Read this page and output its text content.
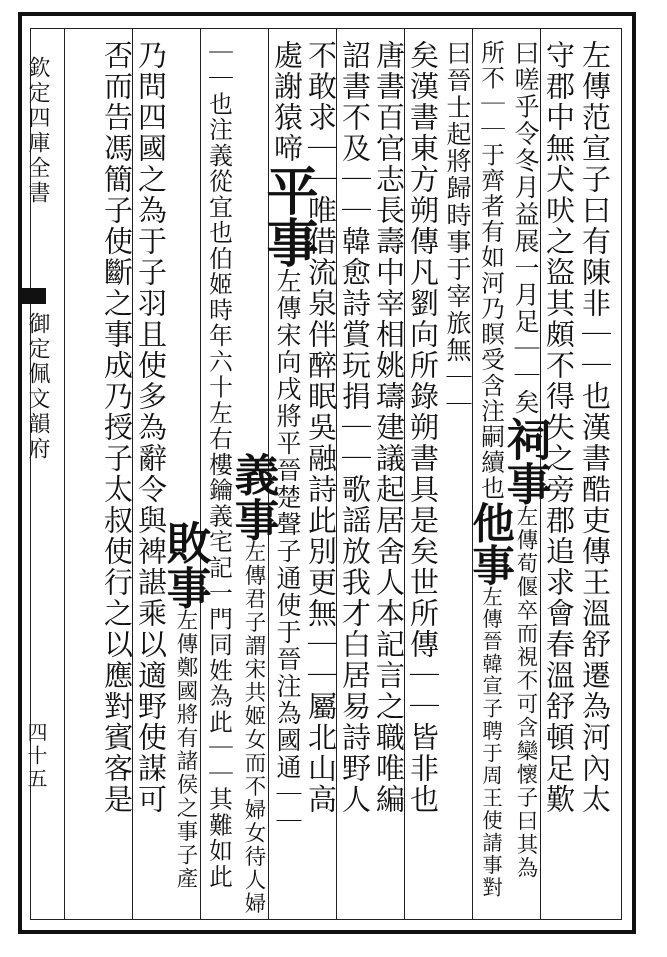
欽定四庫全書
御定佩文韻府
四十五	左傳范宣子曰有陳非｜｜也漢書酷吏傳王溫舒遷為河內太
守郡中無犬吠之盜其頗不得失之旁郡追求會春溫舒頓足歎
曰嗟乎令冬月益展一月足｜｜矣祠事左傳荀偃卒而視不可含欒懷子曰其為
所不｜｜于齊者有如河乃瞑受含注嗣續也他事左傳晉韓宣子聘于周王使請事對
曰晉士起將歸時事于宰旅無｜｜
矣漢書東方朔傳凡劉向所錄朔書具是矣世所傳｜｜皆非也
唐書百官志長壽中宰相姚璹建議起居舍人本記言之職唯編
詔書不及｜｜韓愈詩賞玩捐｜｜歌謡放我才白居易詩野人
不敢求｜｜唯借流泉伴醉眠吳融詩此別更無｜｜屬北山高
處謝猿啼平事左傳宋向戌將平晉楚聲子通使于晉注為國通｜｜
義事左傳君子謂宋共姬女而不婦女待人婦
｜｜也注義從宜也伯姬時年六十左右樓鑰義宅記一門同姓為此｜｜其難如此
敗事左傳鄭國將有諸侯之事子產
乃問四國之為于子羽且使多為辭令與裨諶乘以適野使謀可
否而告馮簡子使斷之事成乃授子太叔使行之以應對賓客是
